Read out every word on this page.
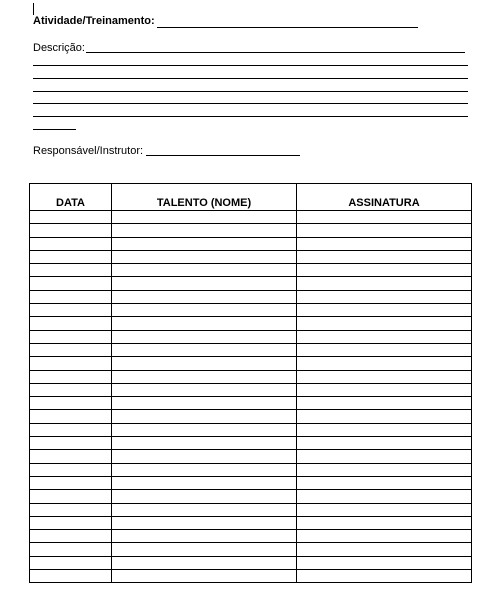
Atividade/Treinamento:
Descrição:
Responsável/Instrutor:
DATA	TALENTO (NOME)	ASSINATURA
